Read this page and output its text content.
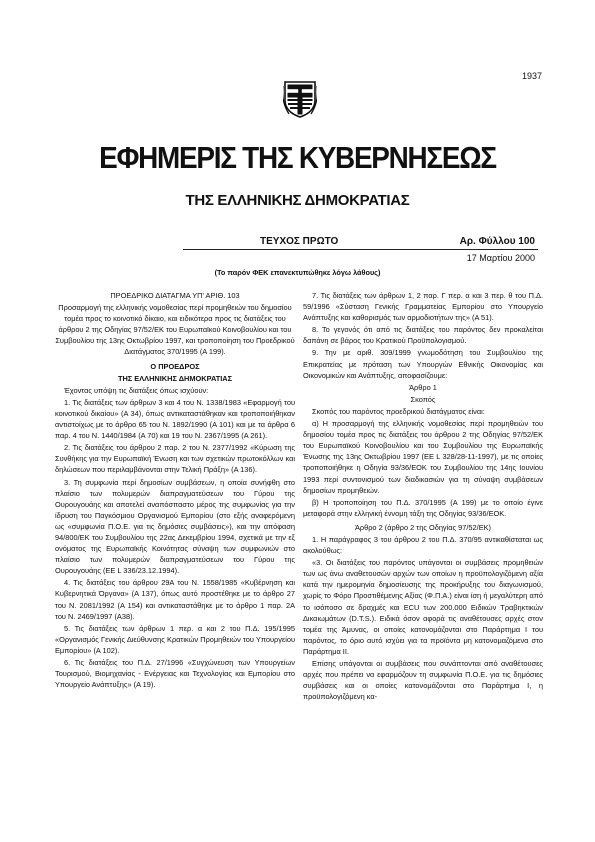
1937
ΕΦΗΜΕΡΙΣ ΤΗΣ ΚΥΒΕΡΝΗΣΕΩΣ
ΤΗΣ ΕΛΛΗΝΙΚΗΣ ΔΗΜΟΚΡΑΤΙΑΣ
ΤΕΥΧΟΣ ΠΡΩΤΟ	Αρ. Φύλλου 100
17 Μαρτίου 2000
(Το παρόν ΦΕΚ επανεκτυπώθηκε λόγω λάθους)

ΠΡΟΕΔΡΙΚΟ ΔΙΑΤΑΓΜΑ ΥΠ' ΑΡΙΘ. 103

Προσαρμογή της ελληνικής νομοθεσίας περί προμηθειών του δημοσίου τομέα προς το κοινοτικό δίκαιο, και ειδικότερα προς τις διατάξεις του άρθρου 2 της Οδηγίας 97/52/ΕΚ του Ευρωπαϊκού Κοινοβουλίου και του Συμβουλίου της 13ης Οκτωβρίου 1997, και τροποποίηση του Προεδρικού Διατάγματος 370/1995 (Α 199).

Ο ΠΡΟΕΔΡΟΣ

ΤΗΣ ΕΛΛΗΝΙΚΗΣ ΔΗΜΟΚΡΑΤΙΑΣ

Έχοντας υπόψη τις διατάξεις όπως ισχύουν:

1. Τις διατάξεις των άρθρων 3 και 4 του Ν. 1338/1983 «Εφαρμογή του κοινοτικού δικαίου» (Α 34), όπως αντικαταστάθηκαν και τροποποιήθηκαν αντιστοίχως με το άρθρο 65 του Ν. 1892/1990 (Α 101) και με τα άρθρα 6 παρ. 4 του Ν. 1440/1984 (Α 70) και 19 του Ν. 2367/1995 (Α 261).

2. Τις διατάξεις του άρθρου 2 παρ. 2 του Ν. 2377/1992 «Κύρωση της Συνθήκης για την Ευρωπαϊκή Ένωση και των σχετικών πρωτοκόλλων και δηλώσεων που περιλαμβάνονται στην Τελική Πράξη» (Α 136).

3. Τη συμφωνία περί δημοσίων συμβάσεων, η οποία συνήφθη στο πλαίσιο των πολυμερών διαπραγματεύσεων του Γύρου της Ουρουγουάης και αποτελεί αναπόσπαστο μέρος της συμφωνίας για την ίδρυση του Παγκόσμιου Οργανισμού Εμπορίου (στο εξής αναφερόμενη ως «συμφωνία Π.Ο.Ε. για τις δημόσιες συμβάσεις»), και την απόφαση 94/800/ΕΚ του Συμβουλίου της 22ας Δεκεμβρίου 1994, σχετικά με την εξ ονόματος της Ευρωπαϊκής Κοινότητας σύναψη των συμφωνιών στο πλαίσιο των πολυμερών διαπραγματεύσεων του Γύρου της Ουρουγουάης (ΕΕ L 336/23.12.1994).

4. Τις διατάξεις του άρθρου 29Α του Ν. 1558/1985 «Κυβέρνηση και Κυβερνητικά Όργανα» (Α 137), όπως αυτό προστέθηκε με το άρθρο 27 του Ν. 2081/1992 (Α 154) και αντικαταστάθηκε με το άρθρο 1 παρ. 2Α του Ν. 2469/1997 (Α38).

5. Τις διατάξεις των άρθρων 1 περ. α και 2 του Π.Δ. 195/1995 «Οργανισμός Γενικής Διεύθυνσης Κρατικών Προμηθειών του Υπουργείου Εμπορίου» (Α 102).

6. Τις διατάξεις του Π.Δ. 27/1996 «Συγχώνευση των Υπουργείων Τουρισμού, Βιομηχανίας - Ενέργειας και Τεχνολογίας και Εμπορίου στο Υπουργείο Ανάπτυξης» (Α 19).

7. Τις διατάξεις των άρθρων 1, 2 παρ. Γ περ. α και 3 περ. θ του Π.Δ. 59/1996 «Σύσταση Γενικής Γραμματείας Εμπορίου στο Υπουργείο Ανάπτυξης και καθορισμός των αρμοδιοτήτων της» (Α 51).

8. Το γεγονός ότι από τις διατάξεις του παρόντος δεν προκαλείται δαπάνη σε βάρος του Κρατικού Προϋπολογισμού.

9. Την με αριθ. 309/1999 γνωμοδότηση του Συμβουλίου της Επικρατείας με πρόταση των Υπουργών Εθνικής Οικονομίας και Οικονομικών και Ανάπτυξης, αποφασίζουμε:

Άρθρο 1

Σκοπός

Σκοπός του παρόντος προεδρικού διατάγματος είναι:

α) Η προσαρμογή της ελληνικής νομοθεσίας περί προμηθειών του δημοσίου τομέα προς τις διατάξεις του άρθρου 2 της Οδηγίας 97/52/ΕΚ του Ευρωπαϊκού Κοινοβουλίου και του Συμβουλίου της Ευρωπαϊκής Ένωσης της 13ης Οκτωβρίου 1997 (ΕΕ L 328/28-11-1997), με τις οποίες τροποποιήθηκε η Οδηγία 93/36/ΕΟΚ του Συμβουλίου της 14ης Ιουνίου 1993 περί συντονισμού των διαδικασιών για τη σύναψη συμβάσεων δημοσίων προμηθειών.

β) Η τροποποίηση του Π.Δ. 370/1995 (Α 199) με το οποίο έγινε μεταφορά στην ελληνική έννομη τάξη της Οδηγίας 93/36/ΕΟΚ.

Άρθρο 2 (άρθρο 2 της Οδηγίας 97/52/ΕΚ)

1. Η παράγραφος 3 του άρθρου 2 του Π.Δ. 370/95 αντικαθίσταται ως ακολούθως:

«3. Οι διατάξεις του παρόντος υπάγονται οι συμβάσεις προμηθειών των ως άνω αναθετουσών αρχών των οποίων η προϋπολογιζόμενη αξία κατά την ημερομηνία δημοσίευσης της προκήρυξης του διαγωνισμού, χωρίς το Φόρο Προστιθέμενης Αξίας (Φ.Π.Α.) είναι ίση ή μεγαλύτερη από το ισόποσο σε δραχμές και ECU των 200.000 Ειδικών Τραβηκτικών Δικαιωμάτων (D.T.S.). Ειδικά όσον αφορά τις αναθέτουσες αρχές στον τομέα της Άμυνας, οι οποίες κατονομάζονται στο Παράρτημα Ι του παρόντος, το όριο αυτό ισχύει για τα προϊόντα μη κατονομαζόμενα στο Παράρτημα ΙΙ.

Επίσης υπάγονται οι συμβάσεις που συνάπτονται από αναθέτουσες αρχές που πρέπει να εφαρμόζουν τη συμφωνία Π.Ο.Ε. για τις δημόσιες συμβάσεις και οι οποίες κατονομάζονται στο Παράρτημα Ι, η προϋπολογιζόμενη κα-
